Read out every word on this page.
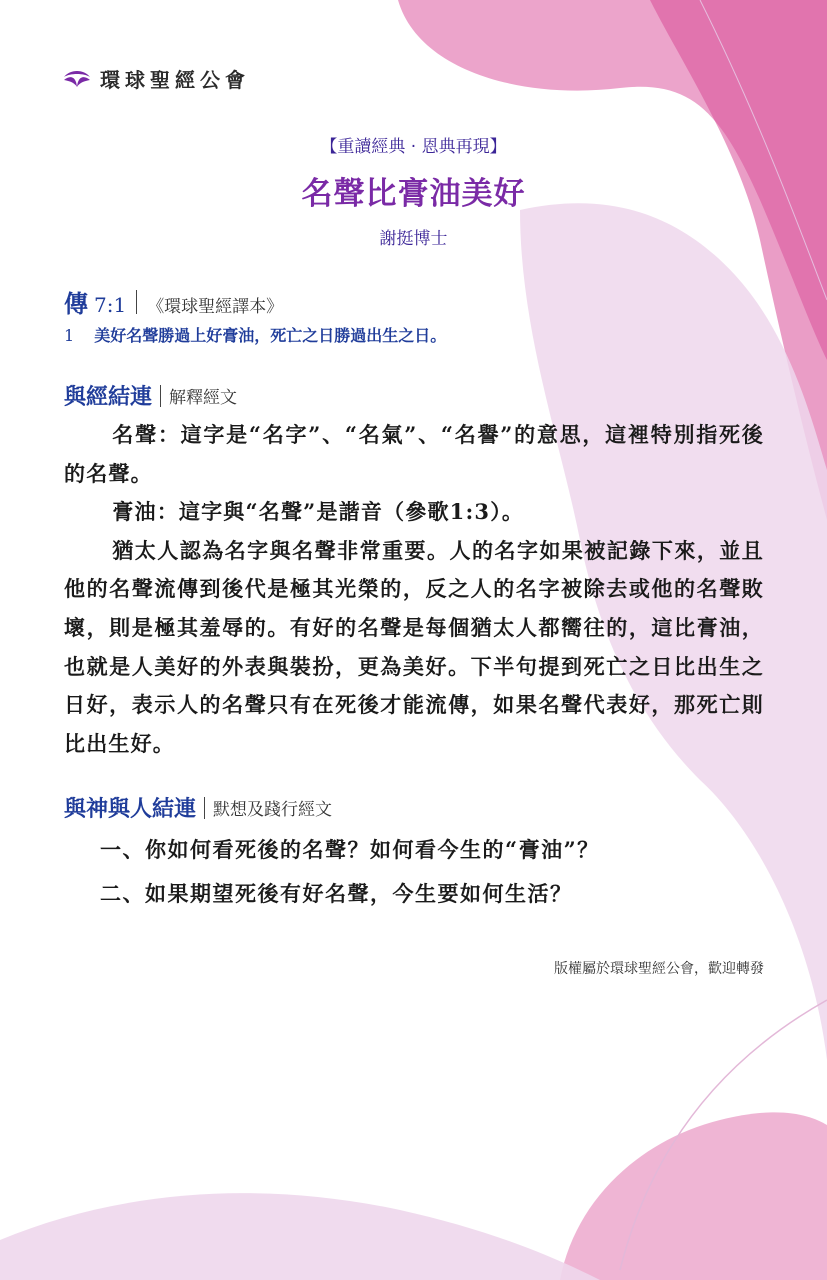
環球聖經公會
【重讀經典 · 恩典再現】
名聲比膏油美好
謝挺博士
傳 7:1 《環球聖經譯本》
1 美好名聲勝過上好膏油，死亡之日勝過出生之日。
與經結連 解釋經文

名聲：這字是“名字”、“名氣”、“名譽”的意思，這裡特別指死後的名聲。

膏油：這字與“名聲”是諧音（參歌1:3）。

猶太人認為名字與名聲非常重要。人的名字如果被記錄下來，並且他的名聲流傳到後代是極其光榮的，反之人的名字被除去或他的名聲敗壞，則是極其羞辱的。有好的名聲是每個猶太人都嚮往的，這比膏油，也就是人美好的外表與裝扮，更為美好。下半句提到死亡之日比出生之日好，表示人的名聲只有在死後才能流傳，如果名聲代表好，那死亡則比出生好。

與神與人結連 默想及踐行經文

一、你如何看死後的名聲？如何看今生的“膏油”？

二、如果期望死後有好名聲，今生要如何生活？

版權屬於環球聖經公會，歡迎轉發
